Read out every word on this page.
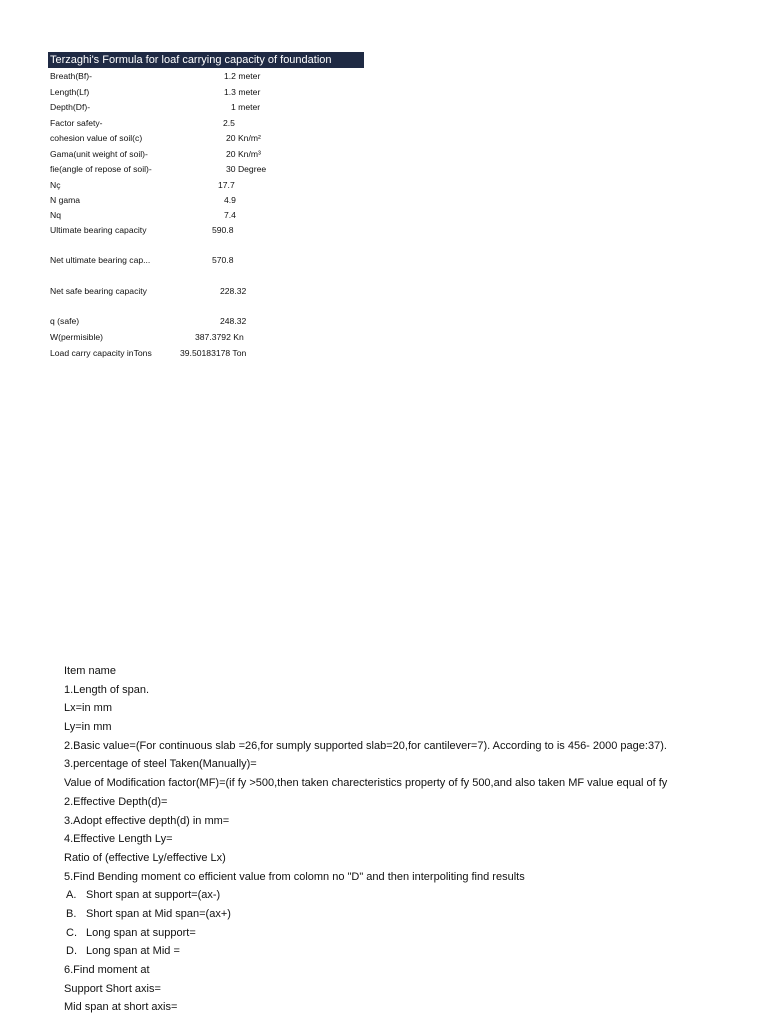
Terzaghi's Formula for loaf carrying capacity of foundation
Breath(Bf)-	1.2 meter
Length(Lf)	1.3 meter
Depth(Df)-	1 meter
Factor safety-	2.5
cohesion value of soil(c)	20 Kn/m²
Gama(unit weight of soil)-	20 Kn/m³
fie(angle of repose of soil)-	30 Degree
Nç	17.7
N gama	4.9
Nq	7.4
Ultimate bearing capacity	590.8
Net ultimate bearing cap...	570.8
Net safe bearing capacity	228.32
q (safe)	248.32
W(permisible)	387.3792 Kn
Load carry capacity inTons	39.50183178 Ton
Item name
1.Length of span.
Lx=in mm
Ly=in mm
2.Basic value=(For continuous slab =26,for sumply supported slab=20,for cantilever=7). According to is 456- 2000 page:37).
3.percentage of steel Taken(Manually)=
Value of Modification factor(MF)=(if fy >500,then taken charecteristics property of fy 500,and also taken MF value equal of fy
2.Effective Depth(d)=
3.Adopt effective depth(d) in mm=
4.Effective Length Ly=
Ratio of (effective Ly/effective Lx)
5.Find Bending moment co efficient value from colomn no "D" and then interpoliting find results
A. Short span at support=(ax-)
B. Short span at Mid span=(ax+)
C. Long span at support=
D. Long span at Mid =
6.Find moment at
Support Short axis=
Mid span at short axis=
